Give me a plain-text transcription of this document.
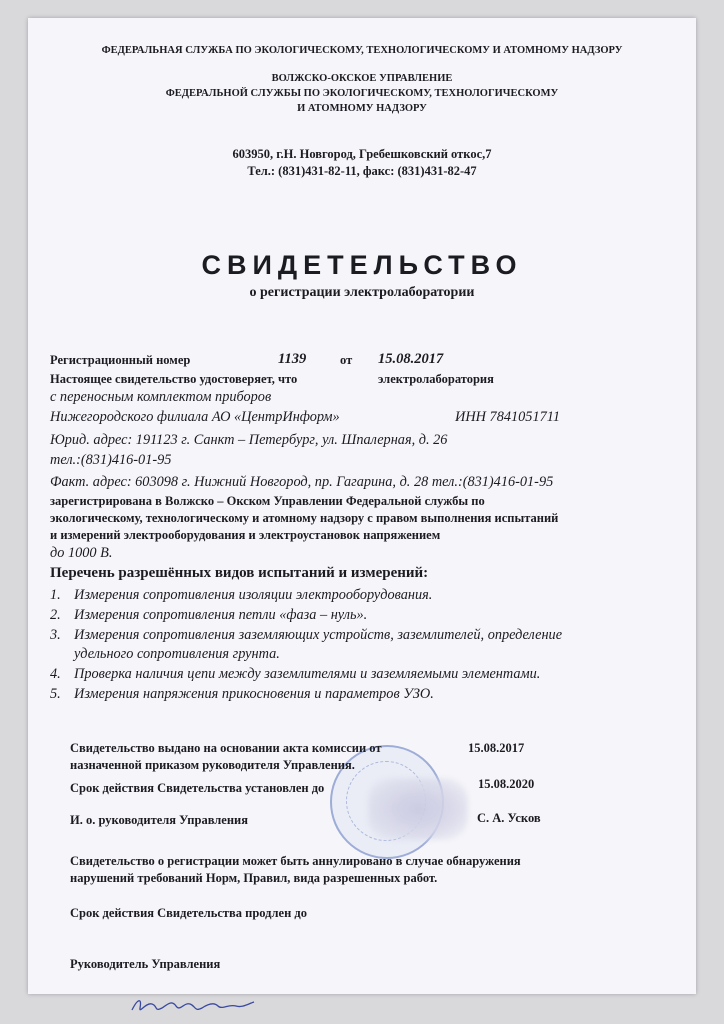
ФЕДЕРАЛЬНАЯ СЛУЖБА ПО ЭКОЛОГИЧЕСКОМУ, ТЕХНОЛОГИЧЕСКОМУ И АТОМНОМУ НАДЗОРУ
ВОЛЖСКО-ОКСКОЕ УПРАВЛЕНИЕ
ФЕДЕРАЛЬНОЙ СЛУЖБЫ ПО ЭКОЛОГИЧЕСКОМУ, ТЕХНОЛОГИЧЕСКОМУ
И АТОМНОМУ НАДЗОРУ
603950, г.Н. Новгород, Гребешковский откос,7
Тел.: (831)431-82-11, факс: (831)431-82-47
СВИДЕТЕЛЬСТВО
о регистрации электролаборатории
Регистрационный номер	1139	от 15.08.2017
Настоящее свидетельство удостоверяет, что	электролаборатория
с переносным комплектом приборов
Нижегородского филиала АО «ЦентрИнформ»	ИНН 7841051711
Юрид. адрес: 191123 г. Санкт – Петербург, ул. Шпалерная, д. 26
тел.:(831)416-01-95
Факт. адрес: 603098 г. Нижний Новгород, пр. Гагарина, д. 28 тел.:(831)416-01-95
зарегистрирована в Волжско – Окском Управлении Федеральной службы по
экологическому, технологическому и атомному надзору с правом выполнения испытаний
и измерений электрооборудования и электроустановок напряжением
до 1000 В.
Перечень разрешённых видов испытаний и измерений:
1. Измерения сопротивления изоляции электрооборудования.
2. Измерения сопротивления петли «фаза – нуль».
3. Измерения сопротивления заземляющих устройств, заземлителей, определение
удельного сопротивления грунта.
4. Проверка наличия цепи между заземлителями и заземляемыми элементами.
5. Измерения напряжения прикосновения и параметров УЗО.
Свидетельство выдано на основании акта комиссии от	15.08.2017
назначенной приказом руководителя Управления.
Срок действия Свидетельства установлен до	15.08.2020
И. о. руководителя Управления	С. А. Усков
Свидетельство о регистрации может быть аннулировано в случае обнаружения
нарушений требований Норм, Правил, вида разрешенных работ.
Срок действия Свидетельства продлен до
Руководитель Управления
